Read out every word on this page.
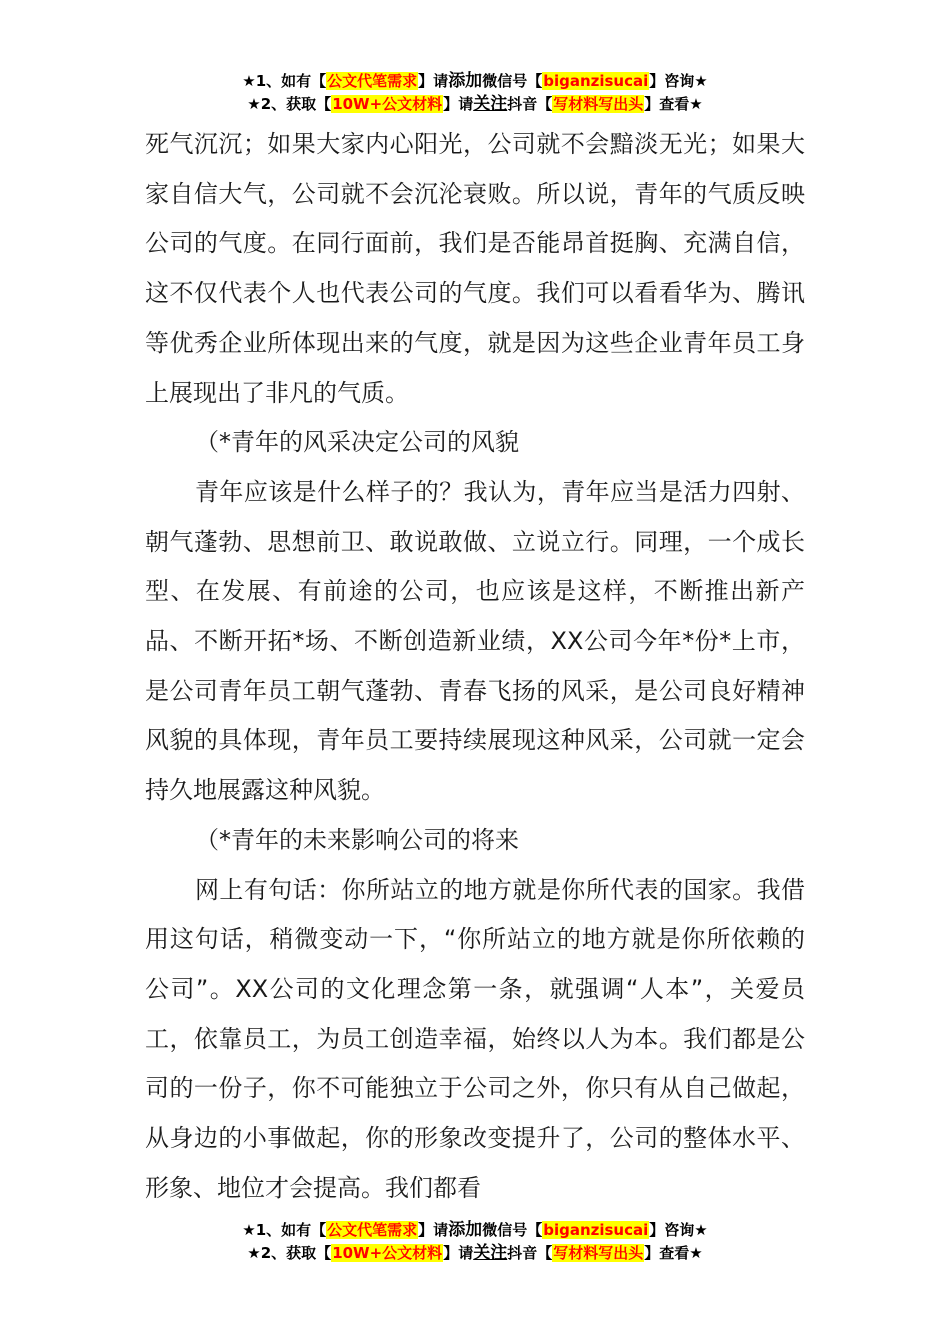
★1、如有【公文代笔需求】请添加微信号【biganzisucai】咨询★
★2、获取【10W+公文材料】请关注抖音【写材料写出头】查看★

死气沉沉；如果大家内心阳光，公司就不会黯淡无光；如果大家自信大气，公司就不会沉沦衰败。所以说，青年的气质反映公司的气度。在同行面前，我们是否能昂首挺胸、充满自信，这不仅代表个人也代表公司的气度。我们可以看看华为、腾讯等优秀企业所体现出来的气度，就是因为这些企业青年员工身上展现出了非凡的气质。

（*青年的风采决定公司的风貌

青年应该是什么样子的？我认为，青年应当是活力四射、朝气蓬勃、思想前卫、敢说敢做、立说立行。同理，一个成长型、在发展、有前途的公司，也应该是这样，不断推出新产品、不断开拓*场、不断创造新业绩，XX公司今年*份*上市，是公司青年员工朝气蓬勃、青春飞扬的风采，是公司良好精神风貌的具体现，青年员工要持续展现这种风采，公司就一定会持久地展露这种风貌。

（*青年的未来影响公司的将来

网上有句话：你所站立的地方就是你所代表的国家。我借用这句话，稍微变动一下，“你所站立的地方就是你所依赖的公司”。XX公司的文化理念第一条，就强调“人本”，关爱员工，依靠员工，为员工创造幸福，始终以人为本。我们都是公司的一份子，你不可能独立于公司之外，你只有从自己做起，从身边的小事做起，你的形象改变提升了，公司的整体水平、形象、地位才会提高。我们都看

★1、如有【公文代笔需求】请添加微信号【biganzisucai】咨询★
★2、获取【10W+公文材料】请关注抖音【写材料写出头】查看★
